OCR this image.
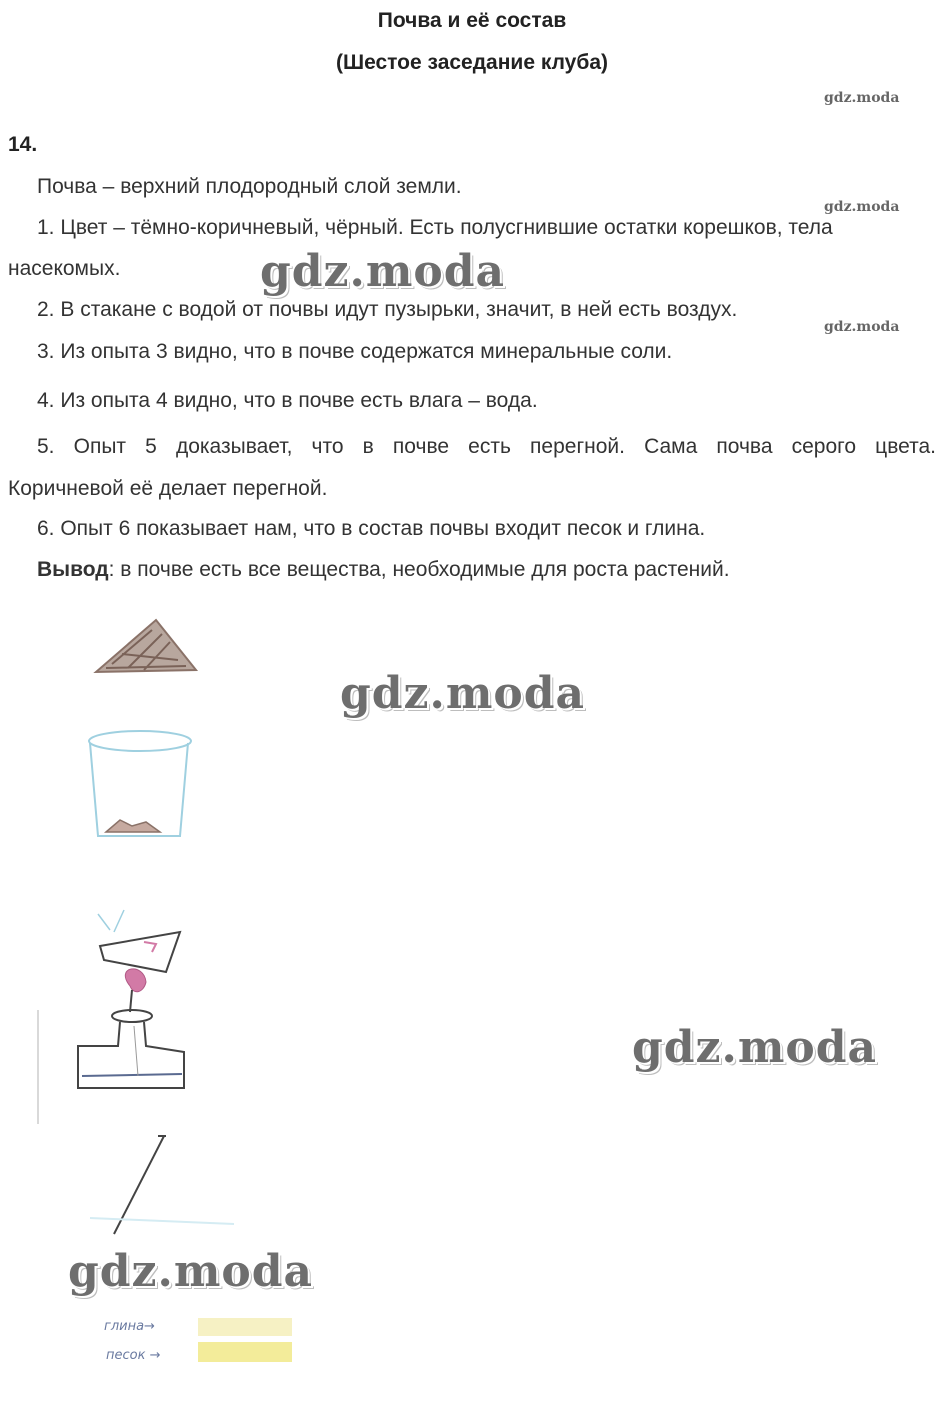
Почва и её состав
(Шестое заседание клуба)
gdz.moda
14.
Почва – верхний плодородный слой земли.
gdz.moda
1. Цвет – тёмно-коричневый, чёрный. Есть полусгнившие остатки корешков, тела
насекомых.
2. В стакане с водой от почвы идут пузырьки, значит, в ней есть воздух.
gdz.moda
3. Из опыта 3 видно, что в почве содержатся минеральные соли.
4. Из опыта 4 видно, что в почве есть влага – вода.
5. Опыт 5 доказывает, что в почве есть перегной. Сама почва серого цвета.
Коричневой её делает перегной.
6. Опыт 6 показывает нам, что в состав почвы входит песок и глина.
Вывод: в почве есть все вещества, необходимые для роста растений.
gdz.moda
gdz.moda
gdz.moda
gdz.moda
глина→
песок →
